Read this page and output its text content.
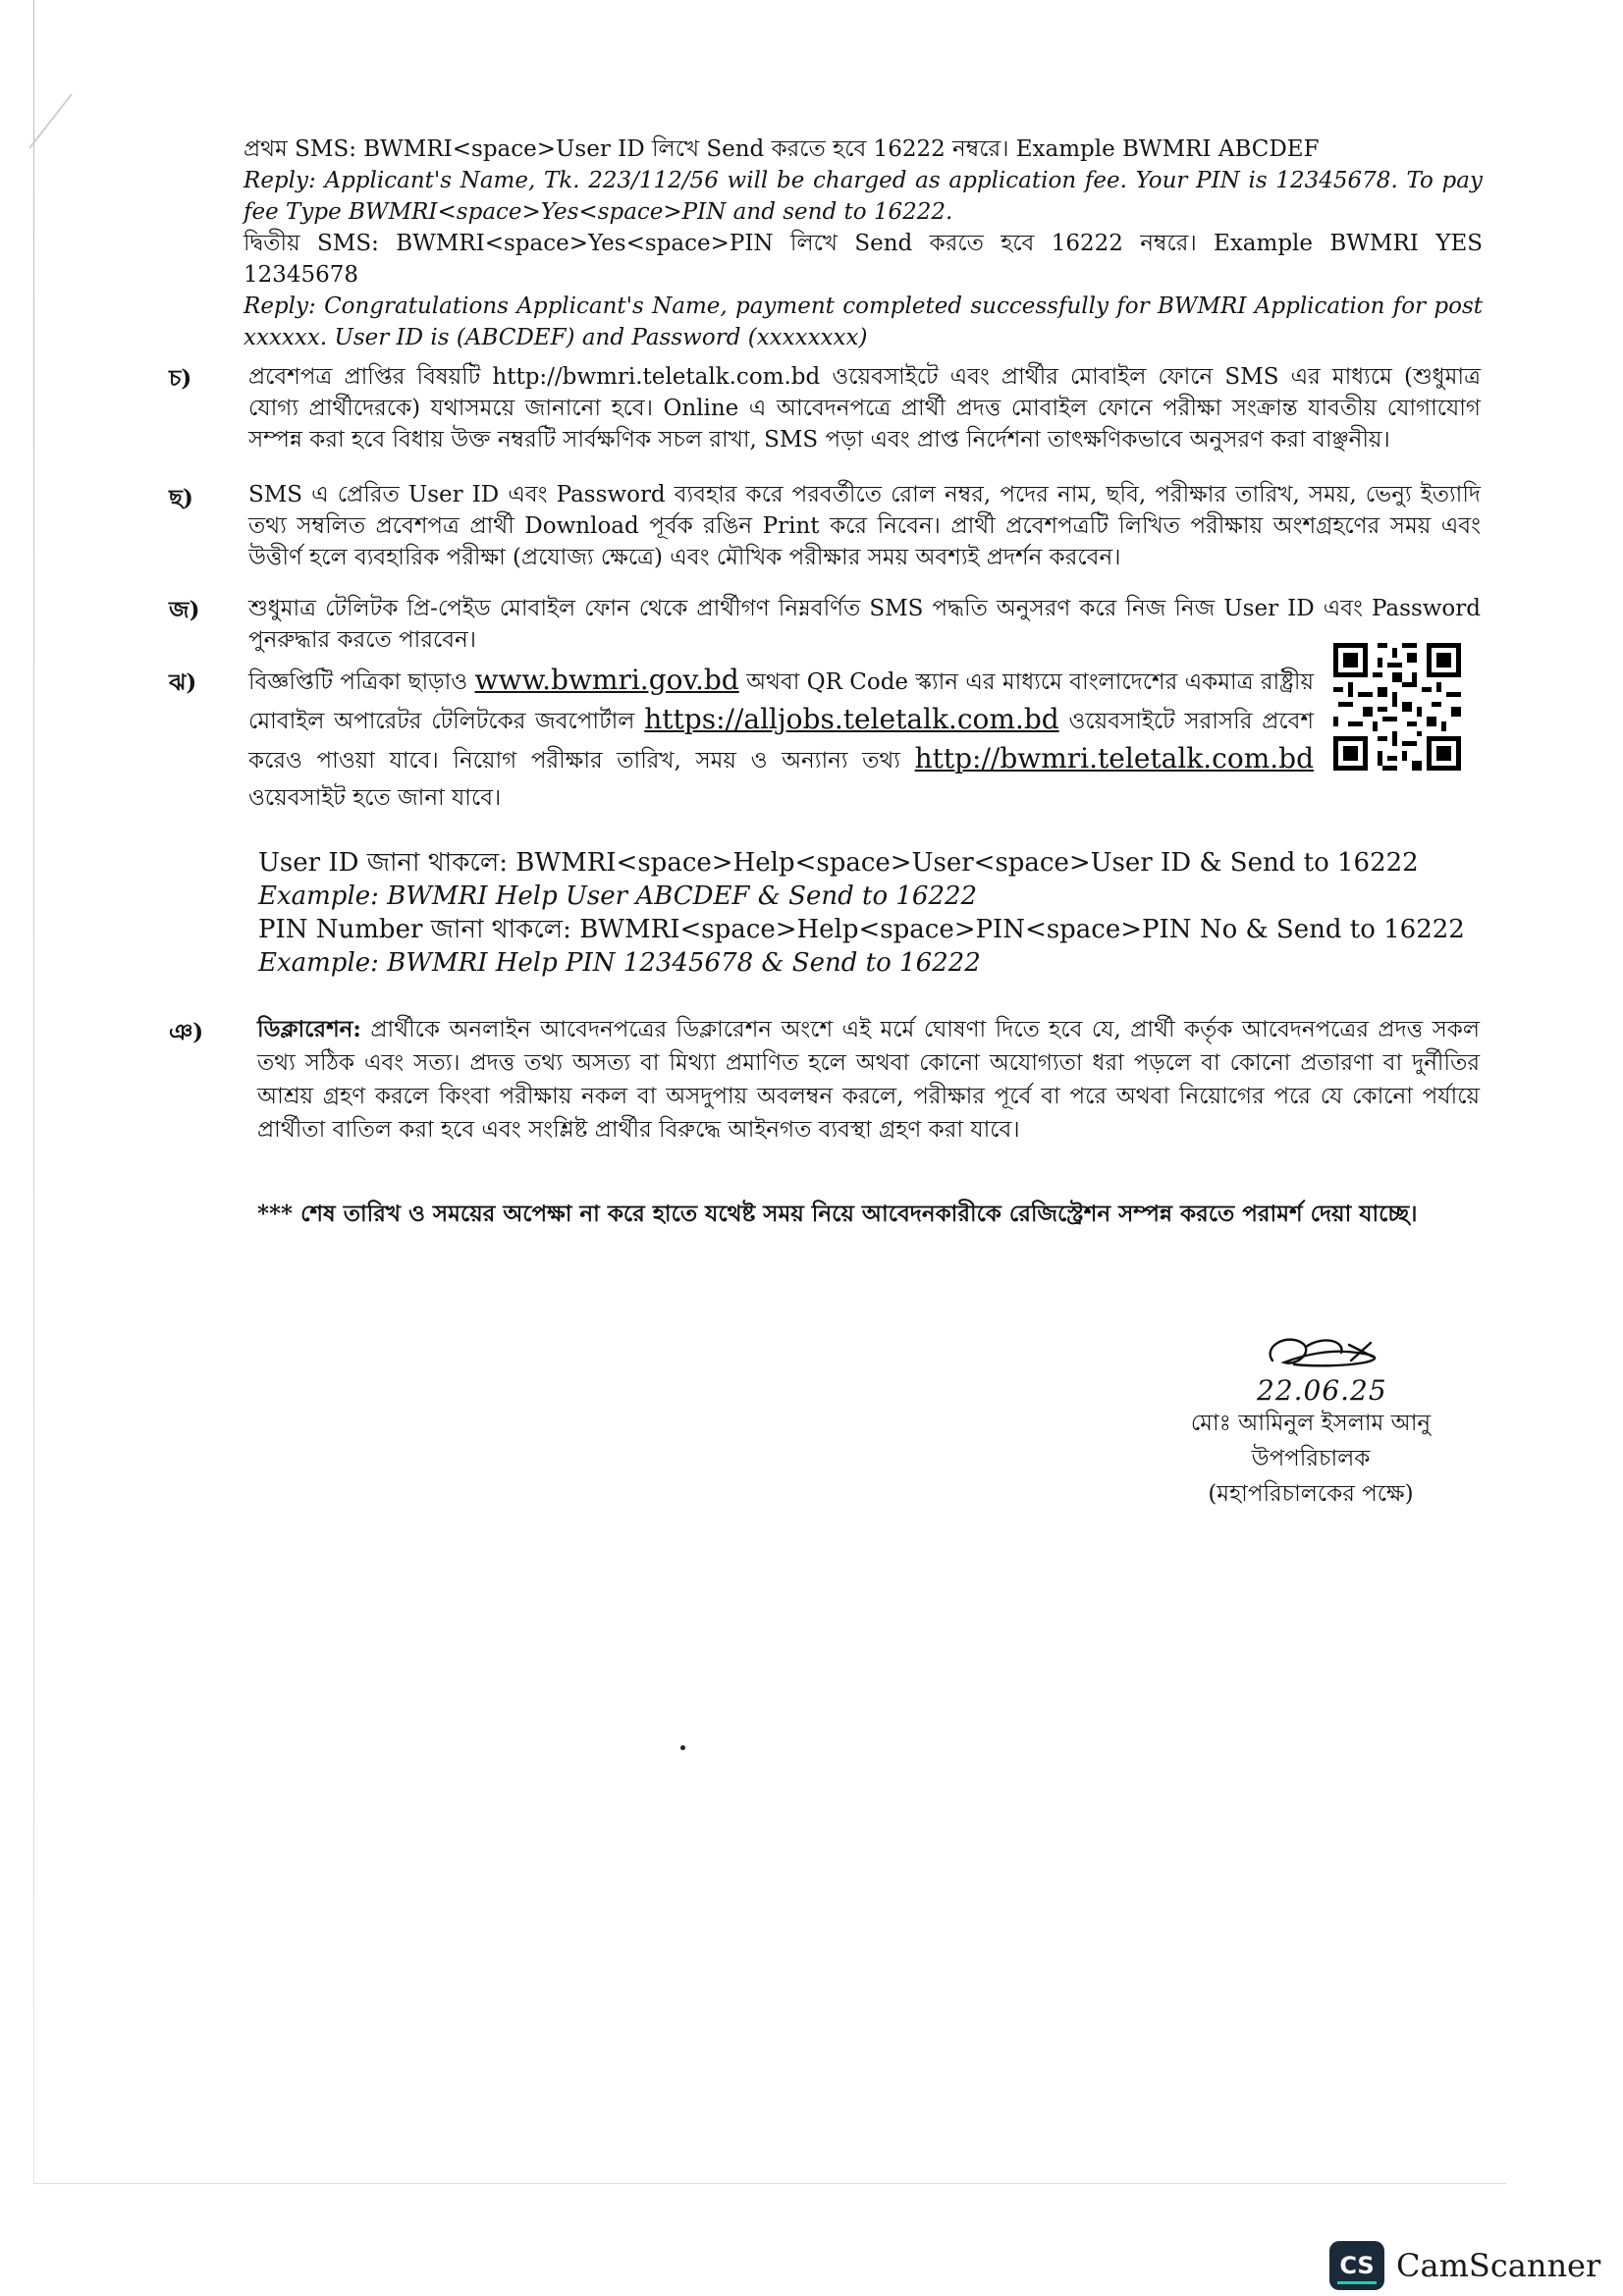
প্রথম SMS: BWMRI<space>User ID লিখে Send করতে হবে 16222 নম্বরে। Example BWMRI ABCDEF

Reply: Applicant's Name, Tk. 223/112/56 will be charged as application fee. Your PIN is 12345678. To pay fee Type BWMRI<space>Yes<space>PIN and send to 16222.

দ্বিতীয় SMS: BWMRI<space>Yes<space>PIN লিখে Send করতে হবে 16222 নম্বরে। Example BWMRI YES 12345678

Reply: Congratulations Applicant's Name, payment completed successfully for BWMRI Application for post xxxxxx. User ID is (ABCDEF) and Password (xxxxxxxx)

চ)	প্রবেশপত্র প্রাপ্তির বিষয়টি http://bwmri.teletalk.com.bd ওয়েবসাইটে এবং প্রার্থীর মোবাইল ফোনে SMS এর মাধ্যমে (শুধুমাত্র যোগ্য প্রার্থীদেরকে) যথাসময়ে জানানো হবে। Online এ আবেদনপত্রে প্রার্থী প্রদত্ত মোবাইল ফোনে পরীক্ষা সংক্রান্ত যাবতীয় যোগাযোগ সম্পন্ন করা হবে বিধায় উক্ত নম্বরটি সার্বক্ষণিক সচল রাখা, SMS পড়া এবং প্রাপ্ত নির্দেশনা তাৎক্ষণিকভাবে অনুসরণ করা বাঞ্ছনীয়।
ছ)	SMS এ প্রেরিত User ID এবং Password ব্যবহার করে পরবর্তীতে রোল নম্বর, পদের নাম, ছবি, পরীক্ষার তারিখ, সময়, ভেন্যু ইত্যাদি তথ্য সম্বলিত প্রবেশপত্র প্রার্থী Download পূর্বক রঙিন Print করে নিবেন। প্রার্থী প্রবেশপত্রটি লিখিত পরীক্ষায় অংশগ্রহণের সময় এবং উত্তীর্ণ হলে ব্যবহারিক পরীক্ষা (প্রযোজ্য ক্ষেত্রে) এবং মৌখিক পরীক্ষার সময় অবশ্যই প্রদর্শন করবেন।
জ)	শুধুমাত্র টেলিটক প্রি-পেইড মোবাইল ফোন থেকে প্রার্থীগণ নিম্নবর্ণিত SMS পদ্ধতি অনুসরণ করে নিজ নিজ User ID এবং Password পুনরুদ্ধার করতে পারবেন।
ঝ)	বিজ্ঞপ্তিটি পত্রিকা ছাড়াও www.bwmri.gov.bd অথবা QR Code স্ক্যান এর মাধ্যমে বাংলাদেশের একমাত্র রাষ্ট্রীয় মোবাইল অপারেটর টেলিটকের জবপোর্টাল https://alljobs.teletalk.com.bd ওয়েবসাইটে সরাসরি প্রবেশ করেও পাওয়া যাবে। নিয়োগ পরীক্ষার তারিখ, সময় ও অন্যান্য তথ্য http://bwmri.teletalk.com.bd ওয়েবসাইট হতে জানা যাবে।

User ID জানা থাকলে: BWMRI<space>Help<space>User<space>User ID & Send to 16222

Example: BWMRI Help User ABCDEF & Send to 16222

PIN Number জানা থাকলে: BWMRI<space>Help<space>PIN<space>PIN No & Send to 16222

Example: BWMRI Help PIN 12345678 & Send to 16222

ঞ) ডিক্লারেশন: প্রার্থীকে অনলাইন আবেদনপত্রের ডিক্লারেশন অংশে এই মর্মে ঘোষণা দিতে হবে যে, প্রার্থী কর্তৃক আবেদনপত্রের প্রদত্ত সকল তথ্য সঠিক এবং সত্য। প্রদত্ত তথ্য অসত্য বা মিথ্যা প্রমাণিত হলে অথবা কোনো অযোগ্যতা ধরা পড়লে বা কোনো প্রতারণা বা দুর্নীতির আশ্রয় গ্রহণ করলে কিংবা পরীক্ষায় নকল বা অসদুপায় অবলম্বন করলে, পরীক্ষার পূর্বে বা পরে অথবা নিয়োগের পরে যে কোনো পর্যায়ে প্রার্থীতা বাতিল করা হবে এবং সংশ্লিষ্ট প্রার্থীর বিরুদ্ধে আইনগত ব্যবস্থা গ্রহণ করা যাবে।
*** শেষ তারিখ ও সময়ের অপেক্ষা না করে হাতে যথেষ্ট সময় নিয়ে আবেদনকারীকে রেজিস্ট্রেশন সম্পন্ন করতে পরামর্শ দেয়া যাচ্ছে।
22.06.25
মোঃ আমিনুল ইসলাম আনু
উপপরিচালক
(মহাপরিচালকের পক্ষে)
CS CamScanner
